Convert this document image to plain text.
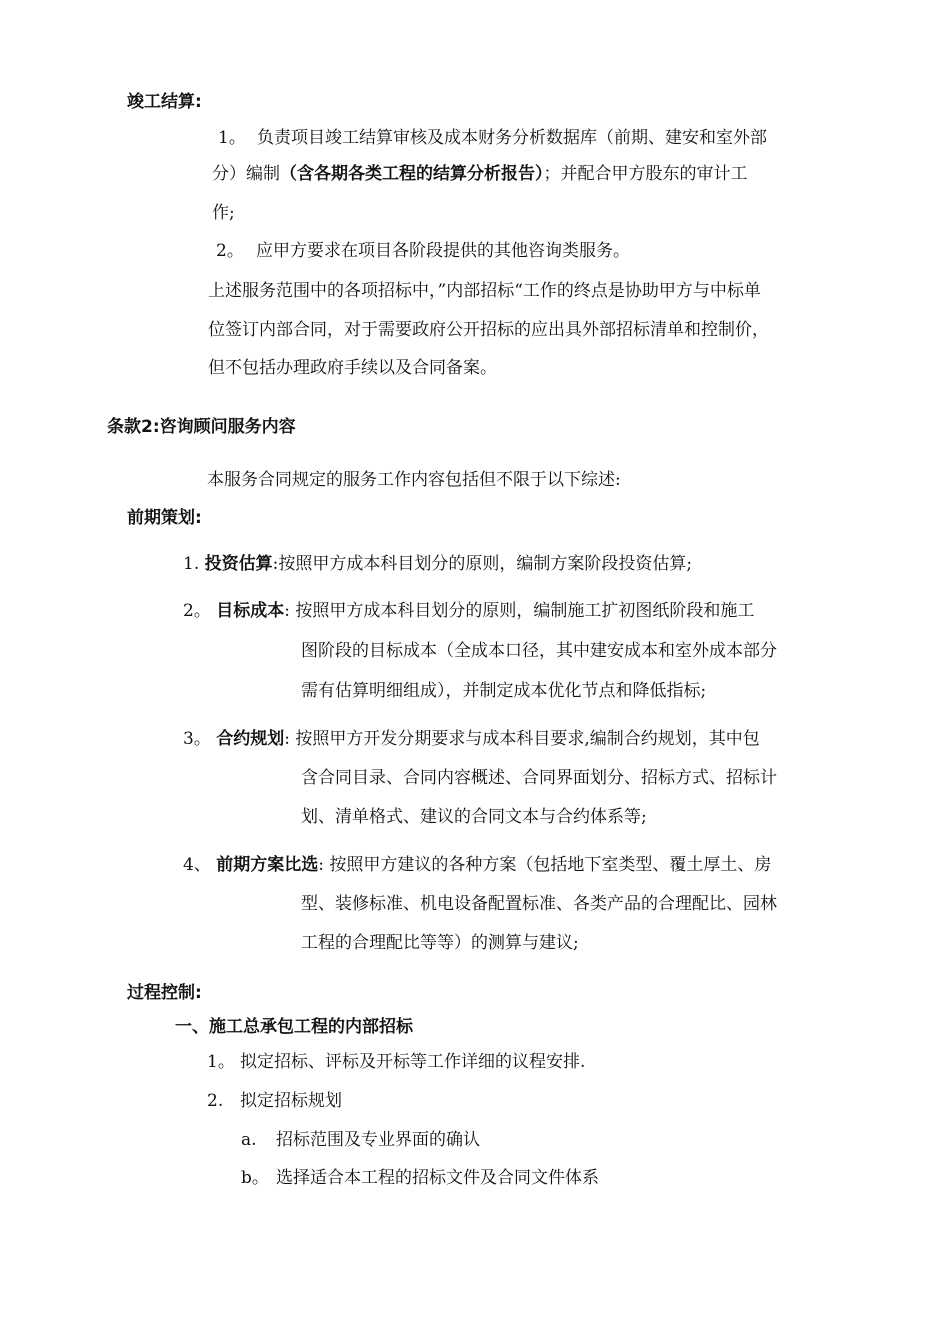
竣工结算:
1。 负责项目竣工结算审核及成本财务分析数据库（前期、建安和室外部
分）编制（含各期各类工程的结算分析报告）；并配合甲方股东的审计工
作;
2。 应甲方要求在项目各阶段提供的其他咨询类服务。
上述服务范围中的各项招标中，”内部招标“工作的终点是协助甲方与中标单
位签订内部合同，对于需要政府公开招标的应出具外部招标清单和控制价，
但不包括办理政府手续以及合同备案。
条款2:咨询顾问服务内容
本服务合同规定的服务工作内容包括但不限于以下综述:
前期策划:
1. 投资估算:按照甲方成本科目划分的原则，编制方案阶段投资估算;
2。 目标成本: 按照甲方成本科目划分的原则，编制施工扩初图纸阶段和施工
图阶段的目标成本（全成本口径，其中建安成本和室外成本部分
需有估算明细组成），并制定成本优化节点和降低指标;
3。 合约规划: 按照甲方开发分期要求与成本科目要求,编制合约规划，其中包
含合同目录、合同内容概述、合同界面划分、招标方式、招标计
划、清单格式、建议的合同文本与合约体系等;
4、 前期方案比选: 按照甲方建议的各种方案（包括地下室类型、覆土厚土、房
型、装修标准、机电设备配置标准、各类产品的合理配比、园林
工程的合理配比等等）的测算与建议;
过程控制:
一、施工总承包工程的内部招标
1。 拟定招标、评标及开标等工作详细的议程安排.
2. 拟定招标规划
a. 招标范围及专业界面的确认
b。 选择适合本工程的招标文件及合同文件体系
